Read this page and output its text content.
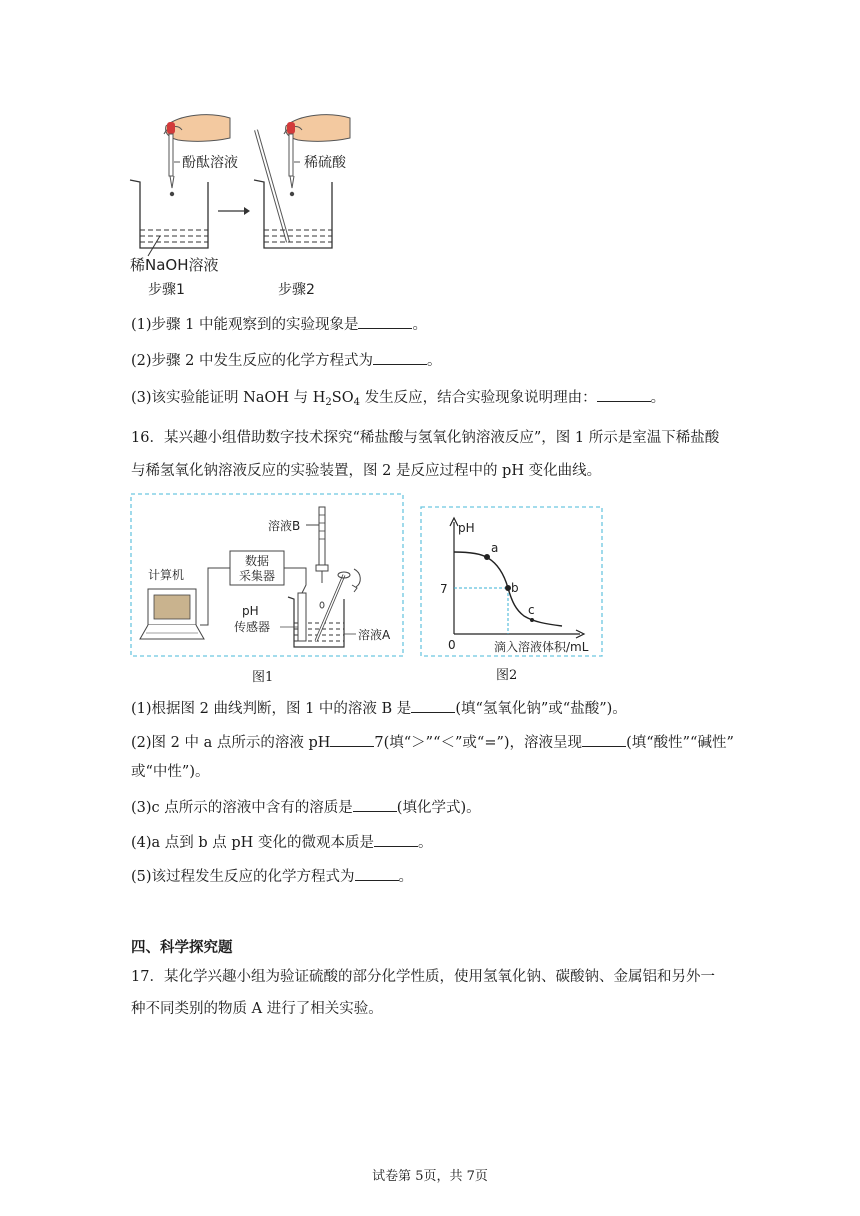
酚酞溶液
稀NaOH溶液
稀硫酸
步骤1	步骤2
(1)步骤 1 中能观察到的实验现象是	。
(2)步骤 2 中发生反应的化学方程式为	。
(3)该实验能证明 NaOH 与 $H_2SO_4$ 发生反应，结合实验现象说明理由：	。
16．某兴趣小组借助数字技术探究“稀盐酸与氢氧化钠溶液反应”，图 1 所示是室温下稀盐酸
与稀氢氧化钠溶液反应的实验装置，图 2 是反应过程中的 pH 变化曲线。
溶液B
数据
采集器
计算机
pH
传感器
溶液A
图1
pH
7
0	滴入溶液体积/mL
a
b
c
图2
(1)根据图 2 曲线判断，图 1 中的溶液 B 是	(填“氢氧化钠”或“盐酸”)。
(2)图 2 中 a 点所示的溶液 pH	7(填“＞”“＜”或“=”)，溶液呈现	(填“酸性”“碱性”
或“中性”)。
(3)c 点所示的溶液中含有的溶质是	(填化学式)。
(4)a 点到 b 点 pH 变化的微观本质是	。
(5)该过程发生反应的化学方程式为	。
四、科学探究题
17．某化学兴趣小组为验证硫酸的部分化学性质，使用氢氧化钠、碳酸钠、金属铝和另外一
种不同类别的物质 A 进行了相关实验。
试卷第 5页，共 7页
